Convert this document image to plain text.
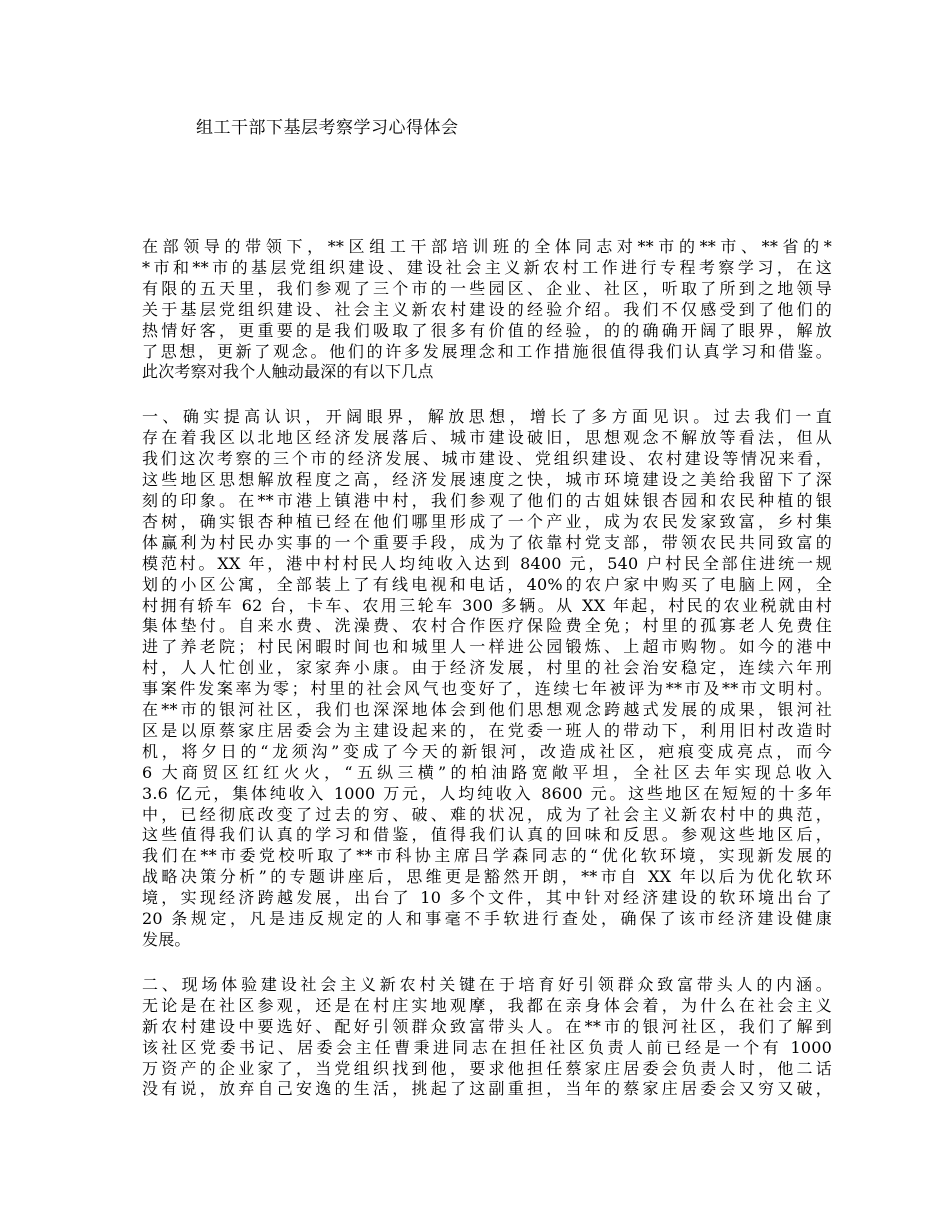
组工干部下基层考察学习心得体会
在部领导的带领下，**区组工干部培训班的全体同志对**市的**市、**省的*
*市和**市的基层党组织建设、建设社会主义新农村工作进行专程考察学习，在这
有限的五天里，我们参观了三个市的一些园区、企业、社区，听取了所到之地领导
关于基层党组织建设、社会主义新农村建设的经验介绍。我们不仅感受到了他们的
热情好客，更重要的是我们吸取了很多有价值的经验，的的确确开阔了眼界，解放
了思想，更新了观念。他们的许多发展理念和工作措施很值得我们认真学习和借鉴。
此次考察对我个人触动最深的有以下几点
一、确实提高认识，开阔眼界，解放思想，增长了多方面见识。过去我们一直
存在着我区以北地区经济发展落后、城市建设破旧，思想观念不解放等看法，但从
我们这次考察的三个市的经济发展、城市建设、党组织建设、农村建设等情况来看，
这些地区思想解放程度之高，经济发展速度之快，城市环境建设之美给我留下了深
刻的印象。在**市港上镇港中村，我们参观了他们的古姐妹银杏园和农民种植的银
杏树，确实银杏种植已经在他们哪里形成了一个产业，成为农民发家致富，乡村集
体赢利为村民办实事的一个重要手段，成为了依靠村党支部，带领农民共同致富的
模范村。XX 年，港中村村民人均纯收入达到 8400 元，540 户村民全部住进统一规
划的小区公寓，全部装上了有线电视和电话，40%的农户家中购买了电脑上网，全
村拥有轿车 62 台，卡车、农用三轮车 300 多辆。从 XX 年起，村民的农业税就由村
集体垫付。自来水费、洗澡费、农村合作医疗保险费全免；村里的孤寡老人免费住
进了养老院；村民闲暇时间也和城里人一样进公园锻炼、上超市购物。如今的港中
村，人人忙创业，家家奔小康。由于经济发展，村里的社会治安稳定，连续六年刑
事案件发案率为零；村里的社会风气也变好了，连续七年被评为**市及**市文明村。
在**市的银河社区，我们也深深地体会到他们思想观念跨越式发展的成果，银河社
区是以原蔡家庄居委会为主建设起来的，在党委一班人的带动下，利用旧村改造时
机，将夕日的“龙须沟”变成了今天的新银河，改造成社区，疤痕变成亮点，而今
6 大商贸区红红火火，“五纵三横”的柏油路宽敞平坦，全社区去年实现总收入
3.6 亿元，集体纯收入 1000 万元，人均纯收入 8600 元。这些地区在短短的十多年
中，已经彻底改变了过去的穷、破、难的状况，成为了社会主义新农村中的典范，
这些值得我们认真的学习和借鉴，值得我们认真的回味和反思。参观这些地区后，
我们在**市委党校听取了**市科协主席吕学森同志的“优化软环境，实现新发展的
战略决策分析”的专题讲座后，思维更是豁然开朗，**市自 XX 年以后为优化软环
境，实现经济跨越发展，出台了 10 多个文件，其中针对经济建设的软环境出台了
20 条规定，凡是违反规定的人和事毫不手软进行查处，确保了该市经济建设健康
发展。
二、现场体验建设社会主义新农村关键在于培育好引领群众致富带头人的内涵。
无论是在社区参观，还是在村庄实地观摩，我都在亲身体会着，为什么在社会主义
新农村建设中要选好、配好引领群众致富带头人。在**市的银河社区，我们了解到
该社区党委书记、居委会主任曹秉进同志在担任社区负责人前已经是一个有 1000
万资产的企业家了，当党组织找到他，要求他担任蔡家庄居委会负责人时，他二话
没有说，放弃自己安逸的生活，挑起了这副重担，当年的蔡家庄居委会又穷又破，
